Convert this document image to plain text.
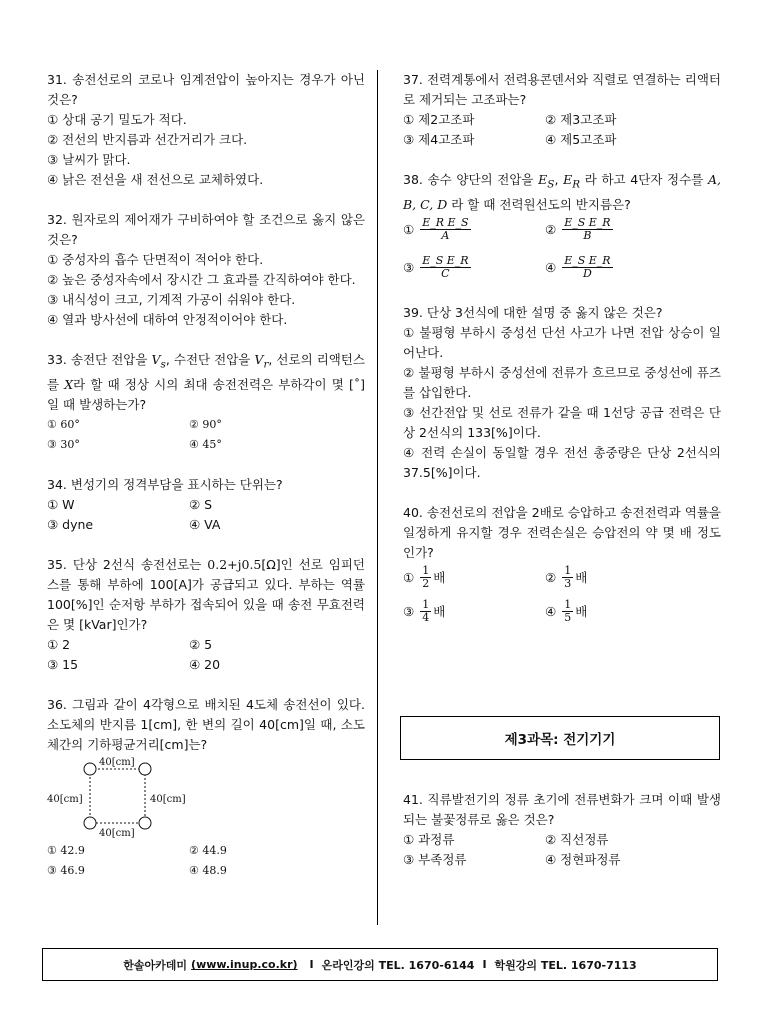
31. 송전선로의 코로나 임계전압이 높아지는 경우가 아닌 것은?
① 상대 공기 밀도가 적다.
② 전선의 반지름과 선간거리가 크다.
③ 날씨가 맑다.
④ 낡은 전선을 새 전선으로 교체하였다.
32. 원자로의 제어재가 구비하여야 할 조건으로 옳지 않은 것은?
① 중성자의 흡수 단면적이 적어야 한다.
② 높은 중성자속에서 장시간 그 효과를 간직하여야 한다.
③ 내식성이 크고, 기계적 가공이 쉬워야 한다.
④ 열과 방사선에 대하여 안정적이어야 한다.
33. 송전단 전압을 $V_s$, 수전단 전압을 $V_r$, 선로의 리액턴스를 X라 할 때 정상 시의 최대 송전전력은 부하각이 몇 [˚]일 때 발생하는가?
① 60°	② 90°
③ 30°	④ 45°
34. 변성기의 정격부담을 표시하는 단위는?
① W	② S
③ dyne	④ VA
35. 단상 2선식 송전선로는 0.2+j0.5[Ω]인 선로 임피던스를 통해 부하에 100[A]가 공급되고 있다. 부하는 역률 100[%]인 순저항 부하가 접속되어 있을 때 송전 무효전력은 몇 [kVar]인가?
① 2	② 5
③ 15	④ 20
36. 그림과 같이 4각형으로 배치된 4도체 송전선이 있다. 소도체의 반지름 1[cm], 한 변의 길이 40[cm]일 때, 소도체간의 기하평균거리[cm]는?
40[cm]
40[cm]	40[cm]
40[cm]
① 42.9	② 44.9
③ 46.9	④ 48.9
37. 전력계통에서 전력용콘덴서와 직렬로 연결하는 리액터로 제거되는 고조파는?
① 제2고조파	② 제3고조파
③ 제4고조파	④ 제5고조파
38. 송수 양단의 전압을 $E_S$, $E_R$ 라 하고 4단자 정수를 A, B, C, D 라 할 때 전력원선도의 반지름은?
①
$\frac{\text{E\_R E\_S}}{A}$	②
$\frac{\text{E\_S E\_R}}{B}$
③
$\frac{\text{E\_S E\_R}}{C}$	④
$\frac{\text{E\_S E\_R}}{D}$
39. 단상 3선식에 대한 설명 중 옳지 않은 것은?
① 불평형 부하시 중성선 단선 사고가 나면 전압 상승이 일어난다.
② 불평형 부하시 중성선에 전류가 흐르므로 중성선에 퓨즈를 삽입한다.
③ 선간전압 및 선로 전류가 같을 때 1선당 공급 전력은 단상 2선식의 133[%]이다.
④ 전력 손실이 동일할 경우 전선 총중량은 단상 2선식의 37.5[%]이다.
40. 송전선로의 전압을 2배로 승압하고 송전전력과 역률을 일정하게 유지할 경우 전력손실은 승압전의 약 몇 배 정도인가?
①
$\frac{1}{2}$ 배	②
$\frac{1}{3}$ 배
③
$\frac{1}{4}$ 배	④
$\frac{1}{5}$ 배
제3과목: 전기기기
41. 직류발전기의 정류 초기에 전류변화가 크며 이때 발생되는 불꽃정류로 옳은 것은?
① 과정류	② 직선정류
③ 부족정류	④ 정현파정류
한솔아카데미 (www.inup.co.kr) I 온라인강의 TEL. 1670-6144 I 학원강의 TEL. 1670-7113
